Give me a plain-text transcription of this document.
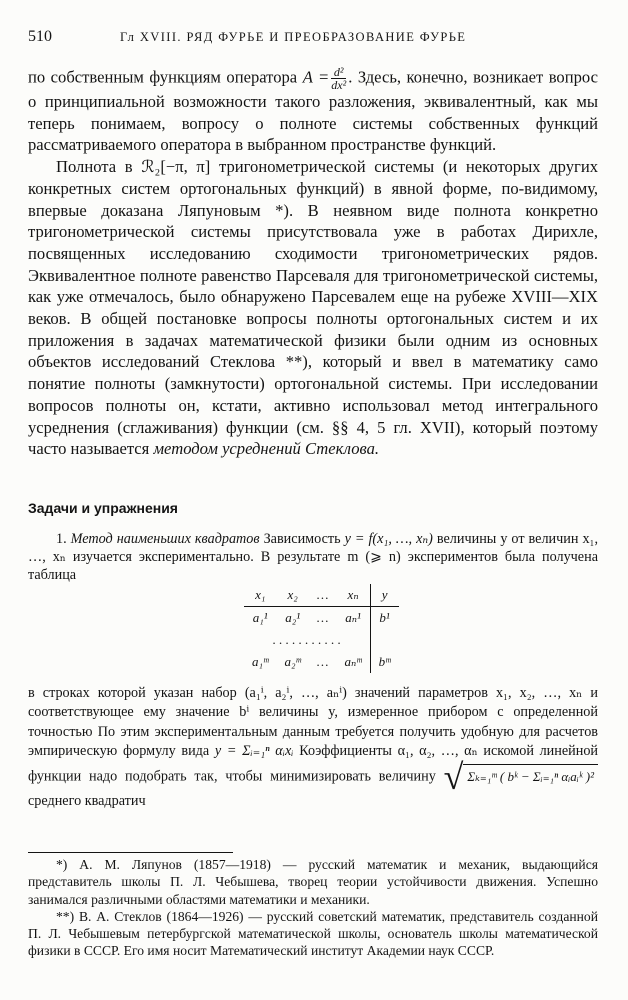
510	Гл XVIII. РЯД ФУРЬЕ И ПРЕОБРАЗОВАНИЕ ФУРЬЕ

по собственным функциям оператора $A = \frac{\text{d²}}{\text{dx²}}$ . Здесь, конечно, возникает вопрос о принципиальной возможности такого разложения, эквивалентный, как мы теперь понимаем, вопросу о полноте системы собственных функций рассматриваемого оператора в выбранном пространстве функций.

Полнота в ℛ₂[−π, π] тригонометрической системы (и некоторых других конкретных систем ортогональных функций) в явной форме, по-видимому, впервые доказана Ляпуновым *). В неявном виде полнота конкретно тригонометрической системы присутствовала уже в работах Дирихле, посвященных исследованию сходимости тригонометрических рядов. Эквивалентное полноте равенство Парсеваля для тригонометрической системы, как уже отмечалось, было обнаружено Парсевалем еще на рубеже XVIII—XIX веков. В общей постановке вопросы полноты ортогональных систем и их приложения в задачах математической физики были одним из основных объектов исследований Стеклова **), который и ввел в математику само понятие полноты (замкнутости) ортогональной системы. При исследовании вопросов полноты он, кстати, активно использовал метод интегрального усреднения (сглаживания) функции (см. §§ 4, 5 гл. XVII), который поэтому часто называется методом усреднений Стеклова.

Задачи и упражнения

1. Метод наименьших квадратов Зависимость y = f(x₁, …, xₙ) величины y от величин x₁, …, xₙ изучается экспериментально. В результате m (⩾ n) экспериментов была получена таблица

x₁	x₂	…	xₙ	y
a₁¹	a₂¹	…	aₙ¹	b¹
. . . . . . . . . . .				
a₁ᵐ	a₂ᵐ	…	aₙᵐ	bᵐ

в строках которой указан набор (a₁ⁱ, a₂ⁱ, …, aₙⁱ) значений параметров x₁, x₂, …, xₙ и соответствующее ему значение bⁱ величины y, измеренное прибором с определенной точностью По этим экспериментальным данным требуется получить удобную для расчетов эмпирическую формулу вида y = Σᵢ₌₁ⁿ αᵢxᵢ Коэффициенты α₁, α₂, …, αₙ искомой линейной функции надо подобрать так, чтобы минимизировать величину √ Σₖ₌₁ᵐ ( bᵏ − Σᵢ₌₁ⁿ αᵢaᵢᵏ )² среднего квадратич

*) А. М. Ляпунов (1857—1918) — русский математик и механик, выдающийся представитель школы П. Л. Чебышева, творец теории устойчивости движения. Успешно занимался различными областями математики и механики.

**) В. А. Стеклов (1864—1926) — русский советский математик, представитель созданной П. Л. Чебышевым петербургской математической школы, основатель школы математической физики в СССР. Его имя носит Математический институт Академии наук СССР.
